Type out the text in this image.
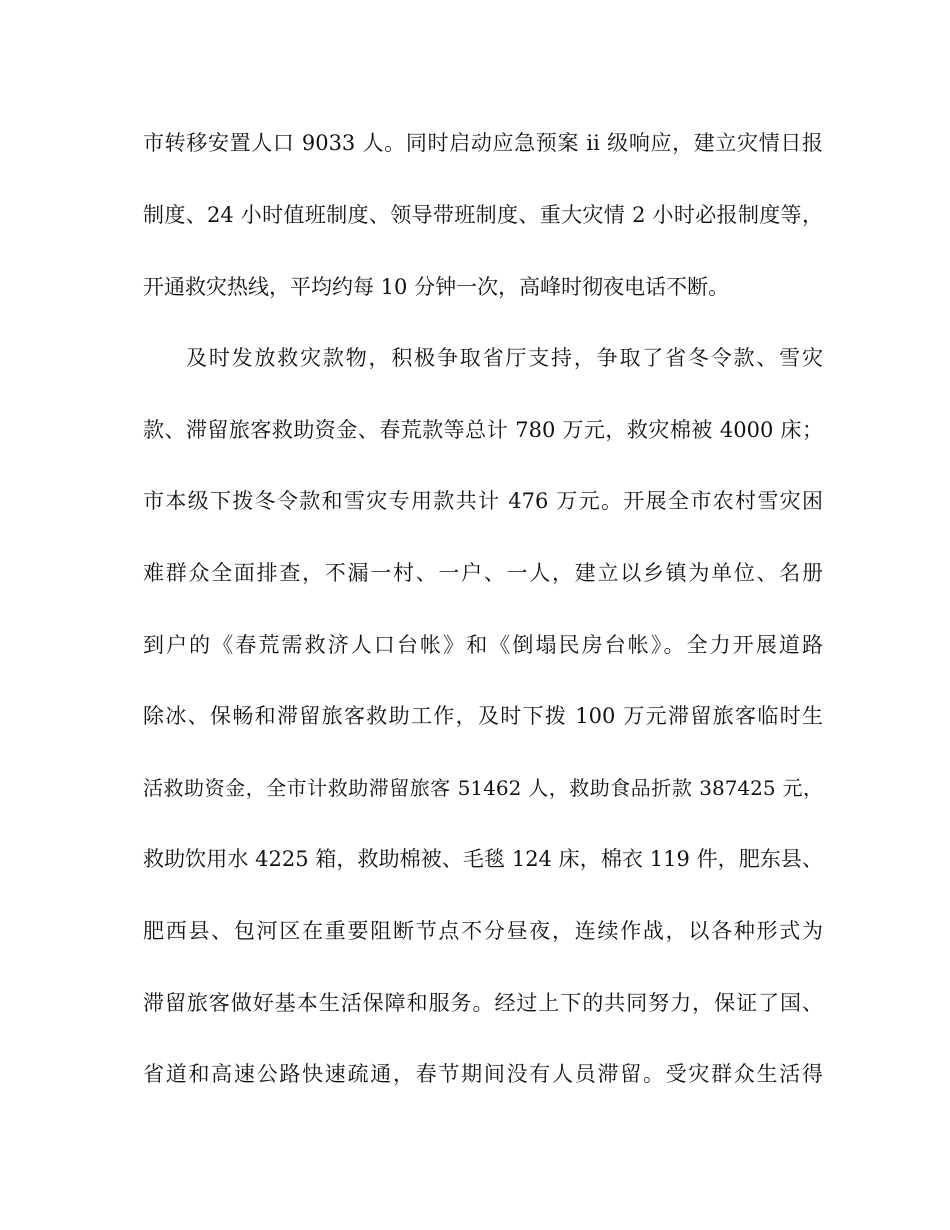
市转移安置人口 9033 人。同时启动应急预案 ii 级响应，建立灾情日报
制度、24 小时值班制度、领导带班制度、重大灾情 2 小时必报制度等，
开通救灾热线，平均约每 10 分钟一次，高峰时彻夜电话不断。
及时发放救灾款物，积极争取省厅支持，争取了省冬令款、雪灾
款、滞留旅客救助资金、春荒款等总计 780 万元，救灾棉被 4000 床；
市本级下拨冬令款和雪灾专用款共计 476 万元。开展全市农村雪灾困
难群众全面排查，不漏一村、一户、一人，建立以乡镇为单位、名册
到户的《春荒需救济人口台帐》和《倒塌民房台帐》。全力开展道路
除冰、保畅和滞留旅客救助工作，及时下拨 100 万元滞留旅客临时生
活救助资金，全市计救助滞留旅客 51462 人，救助食品折款 387425 元，
救助饮用水 4225 箱，救助棉被、毛毯 124 床，棉衣 119 件，肥东县、
肥西县、包河区在重要阻断节点不分昼夜，连续作战，以各种形式为
滞留旅客做好基本生活保障和服务。经过上下的共同努力，保证了国、
省道和高速公路快速疏通，春节期间没有人员滞留。受灾群众生活得
